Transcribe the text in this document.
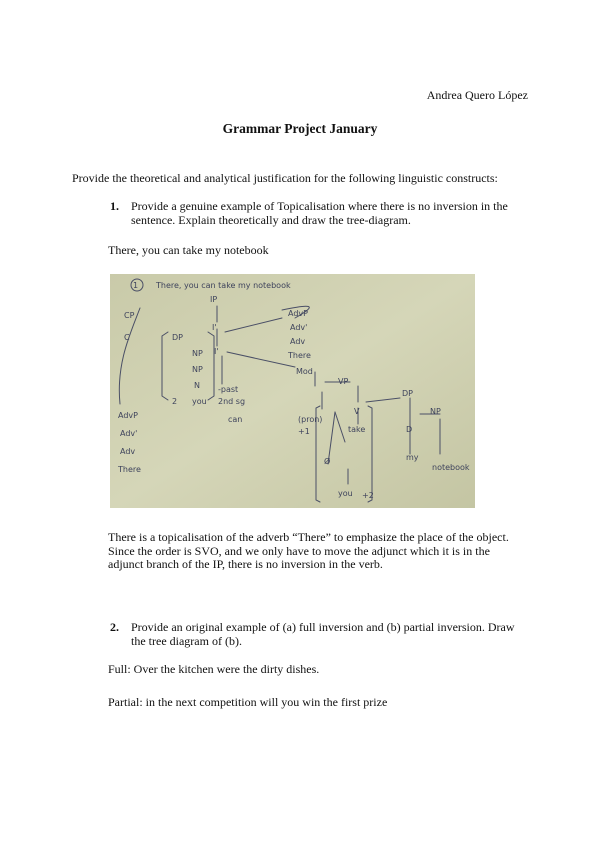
Andrea Quero López
Grammar Project January
Provide the theoretical and analytical justification for the following linguistic constructs:
1.	Provide a genuine example of Topicalisation where there is no inversion in the sentence. Explain theoretically and draw the tree-diagram.
There, you can take my notebook
1 There, you can take my notebook
IP
I'
I'
DP
NP
NP
N
you
2
-past
2nd sg
can
AdvP
Adv'
Adv
There
Mod
VP
V
take
DP
NP
D
my
notebook
(pron)
+1
Ø
you +2
CP
C
AdvP
Adv'
Adv
There
There is a topicalisation of the adverb “There” to emphasize the place of the object. Since the order is SVO, and we only have to move the adjunct which it is in the adjunct branch of the IP, there is no inversion in the verb.
2.	Provide an original example of (a) full inversion and (b) partial inversion. Draw the tree diagram of (b).
Full: Over the kitchen were the dirty dishes.
Partial: in the next competition will you win the first prize
